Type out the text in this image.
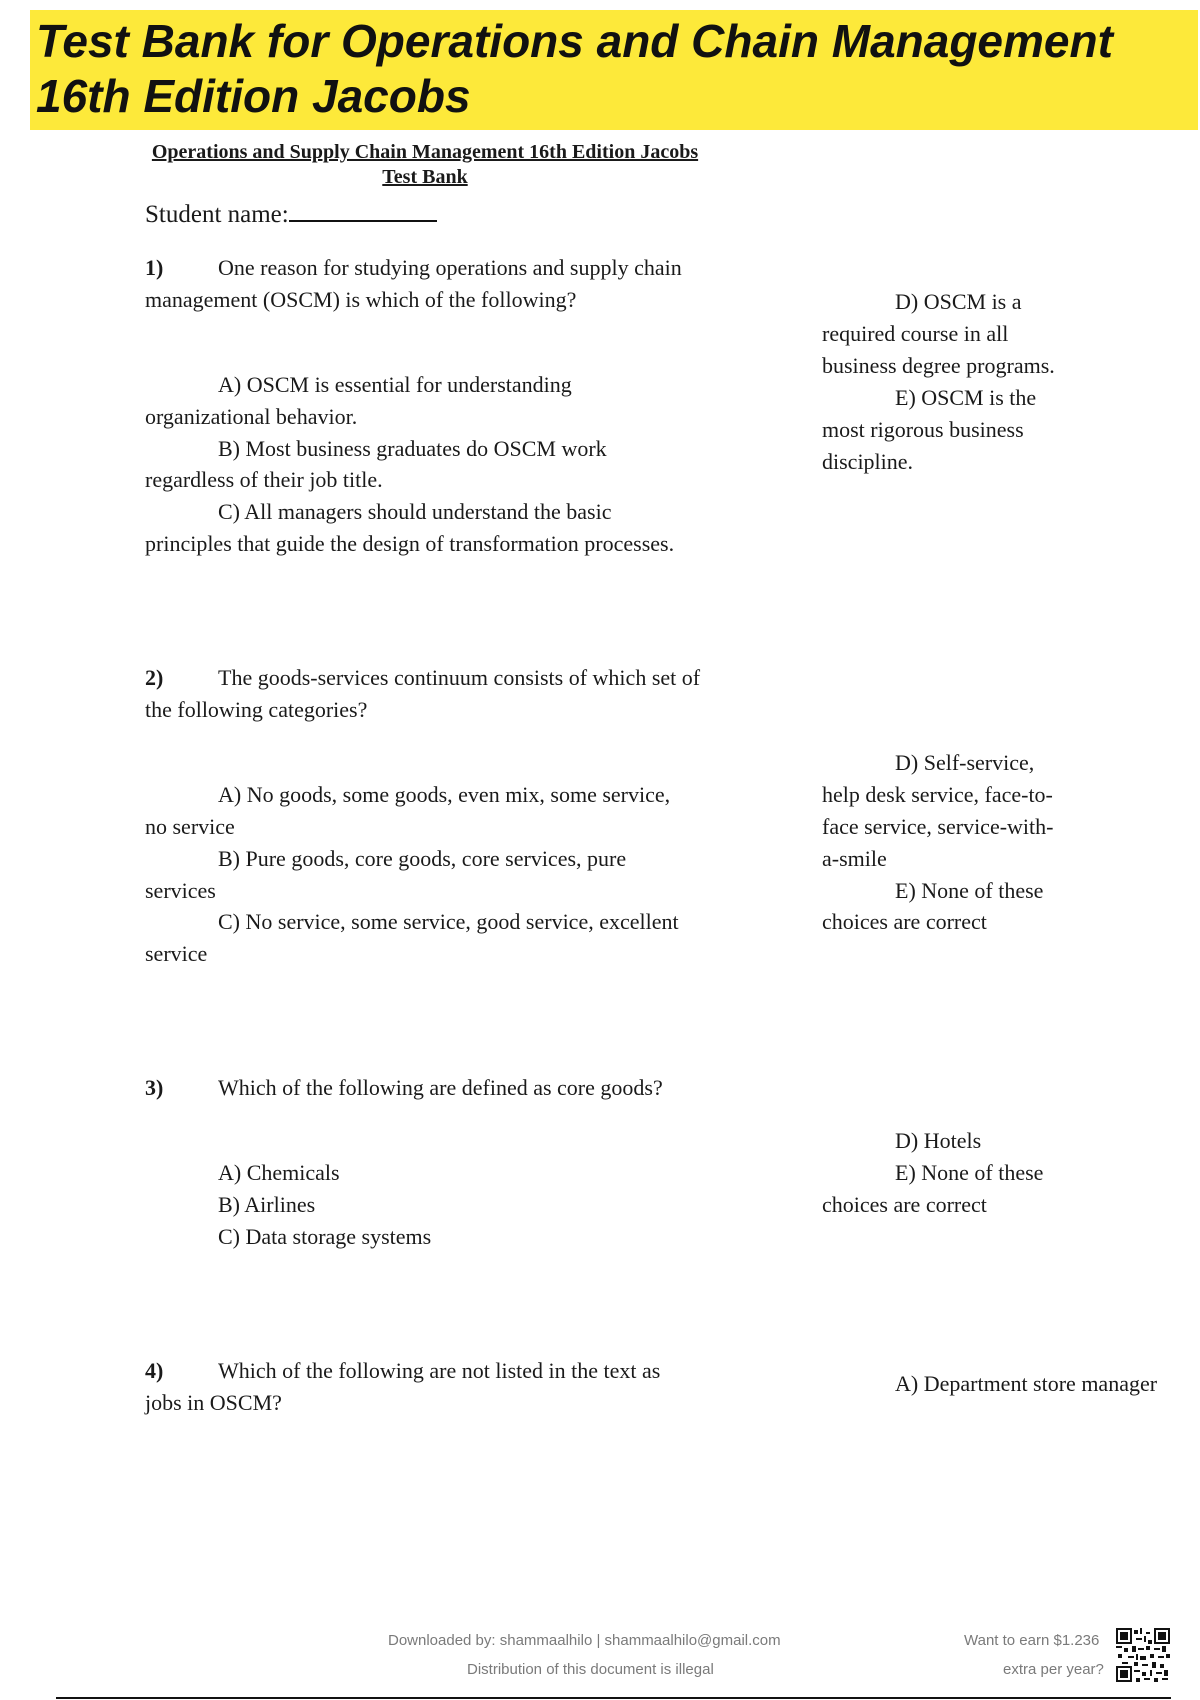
Test Bank for Operations and Chain Management
16th Edition Jacobs
Operations and Supply Chain Management 16th Edition Jacobs
Test Bank
Student name:
1) One reason for studying operations and supply chain
management (OSCM) is which of the following?
A) OSCM is essential for understanding
organizational behavior.
B) Most business graduates do OSCM work
regardless of their job title.
C) All managers should understand the basic
principles that guide the design of transformation processes.
D) OSCM is a
required course in all
business degree programs.
E) OSCM is the
most rigorous business
discipline.
2) The goods-services continuum consists of which set of
the following categories?
A) No goods, some goods, even mix, some service,
no service
B) Pure goods, core goods, core services, pure
services
C) No service, some service, good service, excellent
service
D) Self-service,
help desk service, face-to-
face service, service-with-
a-smile
E) None of these
choices are correct
3) Which of the following are defined as core goods?
A) Chemicals
B) Airlines
C) Data storage systems
D) Hotels
E) None of these
choices are correct
4) Which of the following are not listed in the text as
jobs in OSCM?
A) Department store manager
Downloaded by: shammaalhilo | shammaalhilo@gmail.com
Distribution of this document is illegal
Want to earn $1.236
extra per year?
